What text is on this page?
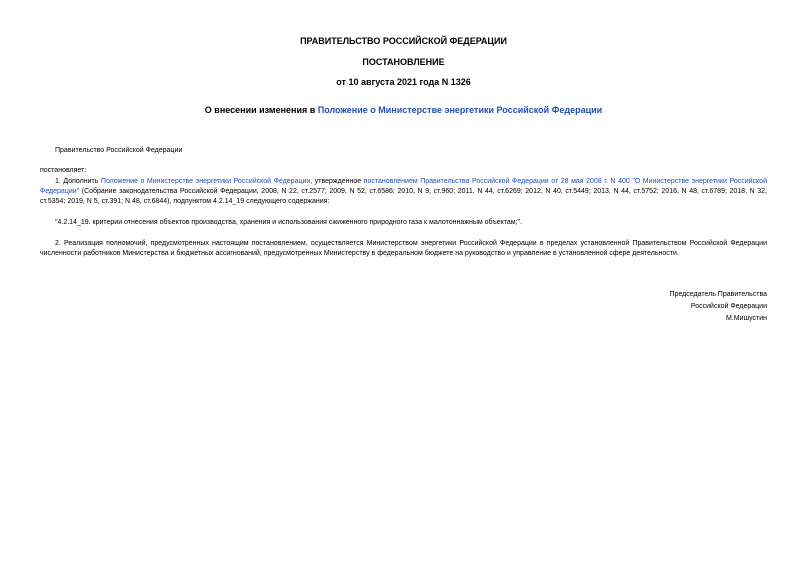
ПРАВИТЕЛЬСТВО РОССИЙСКОЙ ФЕДЕРАЦИИ
ПОСТАНОВЛЕНИЕ
от 10 августа 2021 года N 1326
О внесении изменения в Положение о Министерстве энергетики Российской Федерации
Правительство Российской Федерации
постановляет:
1. Дополнить Положение о Министерстве энергетики Российской Федерации, утвержденное постановлением Правительства Российской Федерации от 28 мая 2008 г. N 400 "О Министерстве энергетики Российской Федерации" (Собрание законодательства Российской Федерации, 2008, N 22, ст.2577; 2009, N 52, ст.6586; 2010, N 9, ст.960; 2011, N 44, ст.6269; 2012, N 40, ст.5449; 2013, N 44, ст.5752; 2016, N 48, ст.6789; 2018, N 32, ст.5354; 2019, N 5, ст.391; N 48, ст.6844), подпунктом 4.2.14_19 следующего содержания:
"4.2.14_19. критерии отнесения объектов производства, хранения и использования сжиженного природного газа к малотоннажным объектам;".
2. Реализация полномочий, предусмотренных настоящим постановлением, осуществляется Министерством энергетики Российской Федерации в пределах установленной Правительством Российской Федерации численности работников Министерства и бюджетных ассигнований, предусмотренных Министерству в федеральном бюджете на руководство и управление в установленной сфере деятельности.
Председатель Правительства
Российской Федерации
М.Мишустин
